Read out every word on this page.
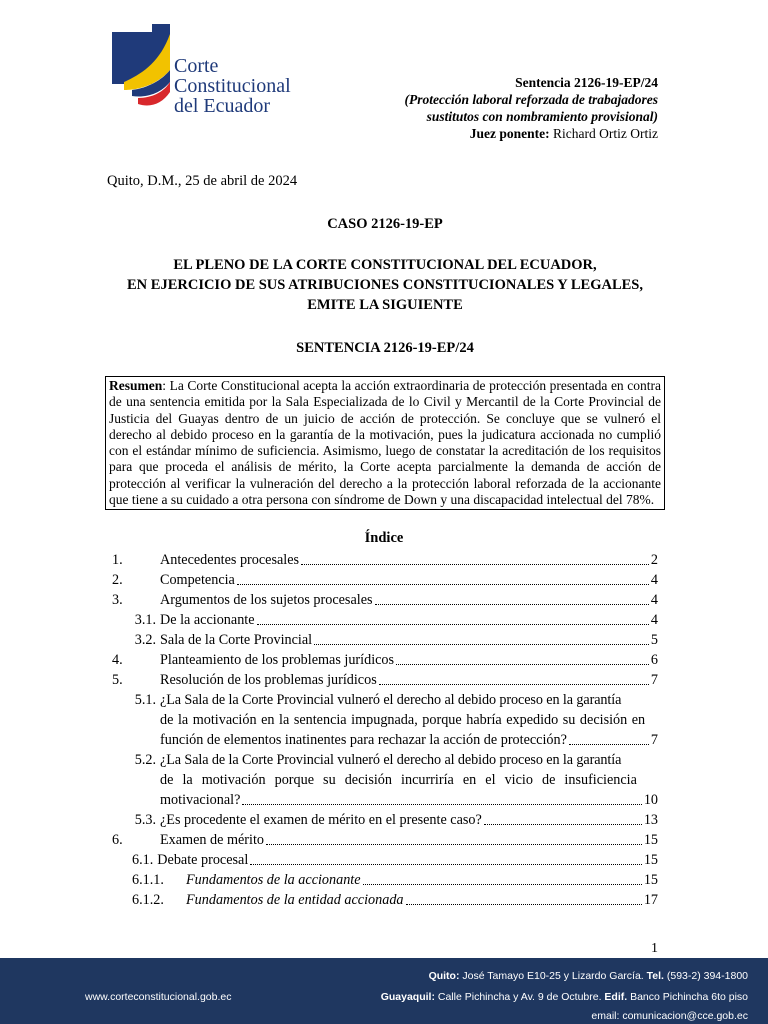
Corte
Constitucional
del Ecuador
Sentencia 2126-19-EP/24
(Protección laboral reforzada de trabajadores
sustitutos con nombramiento provisional)
Juez ponente: Richard Ortiz Ortiz
Quito, D.M., 25 de abril de 2024
CASO 2126-19-EP
EL PLENO DE LA CORTE CONSTITUCIONAL DEL ECUADOR,
EN EJERCICIO DE SUS ATRIBUCIONES CONSTITUCIONALES Y LEGALES,
EMITE LA SIGUIENTE
SENTENCIA 2126-19-EP/24
Resumen: La Corte Constitucional acepta la acción extraordinaria de protección presentada en contra de una sentencia emitida por la Sala Especializada de lo Civil y Mercantil de la Corte Provincial de Justicia del Guayas dentro de un juicio de acción de protección. Se concluye que se vulneró el derecho al debido proceso en la garantía de la motivación, pues la judicatura accionada no cumplió con el estándar mínimo de suficiencia. Asimismo, luego de constatar la acreditación de los requisitos para que proceda el análisis de mérito, la Corte acepta parcialmente la demanda de acción de protección al verificar la vulneración del derecho a la protección laboral reforzada de la accionante que tiene a su cuidado a otra persona con síndrome de Down y una discapacidad intelectual del 78%.
Índice
1.	Antecedentes procesales	2
2.	Competencia	4
3.	Argumentos de los sujetos procesales	4
3.1. De la accionante	4
3.2. Sala de la Corte Provincial	5
4.	Planteamiento de los problemas jurídicos	6
5.	Resolución de los problemas jurídicos	7
5.1. ¿La Sala de la Corte Provincial vulneró el derecho al debido proceso en la garantía
de la motivación en la sentencia impugnada, porque habría expedido su decisión en
función de elementos inatinentes para rechazar la acción de protección?	7
5.2. ¿La Sala de la Corte Provincial vulneró el derecho al debido proceso en la garantía
de la motivación porque su decisión incurriría en el vicio de insuficiencia
motivacional?	10
5.3. ¿Es procedente el examen de mérito en el presente caso?	13
6.	Examen de mérito	15
6.1. Debate procesal	15
6.1.1.	Fundamentos de la accionante	15
6.1.2.	Fundamentos de la entidad accionada	17
1
www.corteconstitucional.gob.ec
Quito: José Tamayo E10-25 y Lizardo García. Tel. (593-2) 394-1800
Guayaquil: Calle Pichincha y Av. 9 de Octubre. Edif. Banco Pichincha 6to piso
email: comunicacion@cce.gob.ec
